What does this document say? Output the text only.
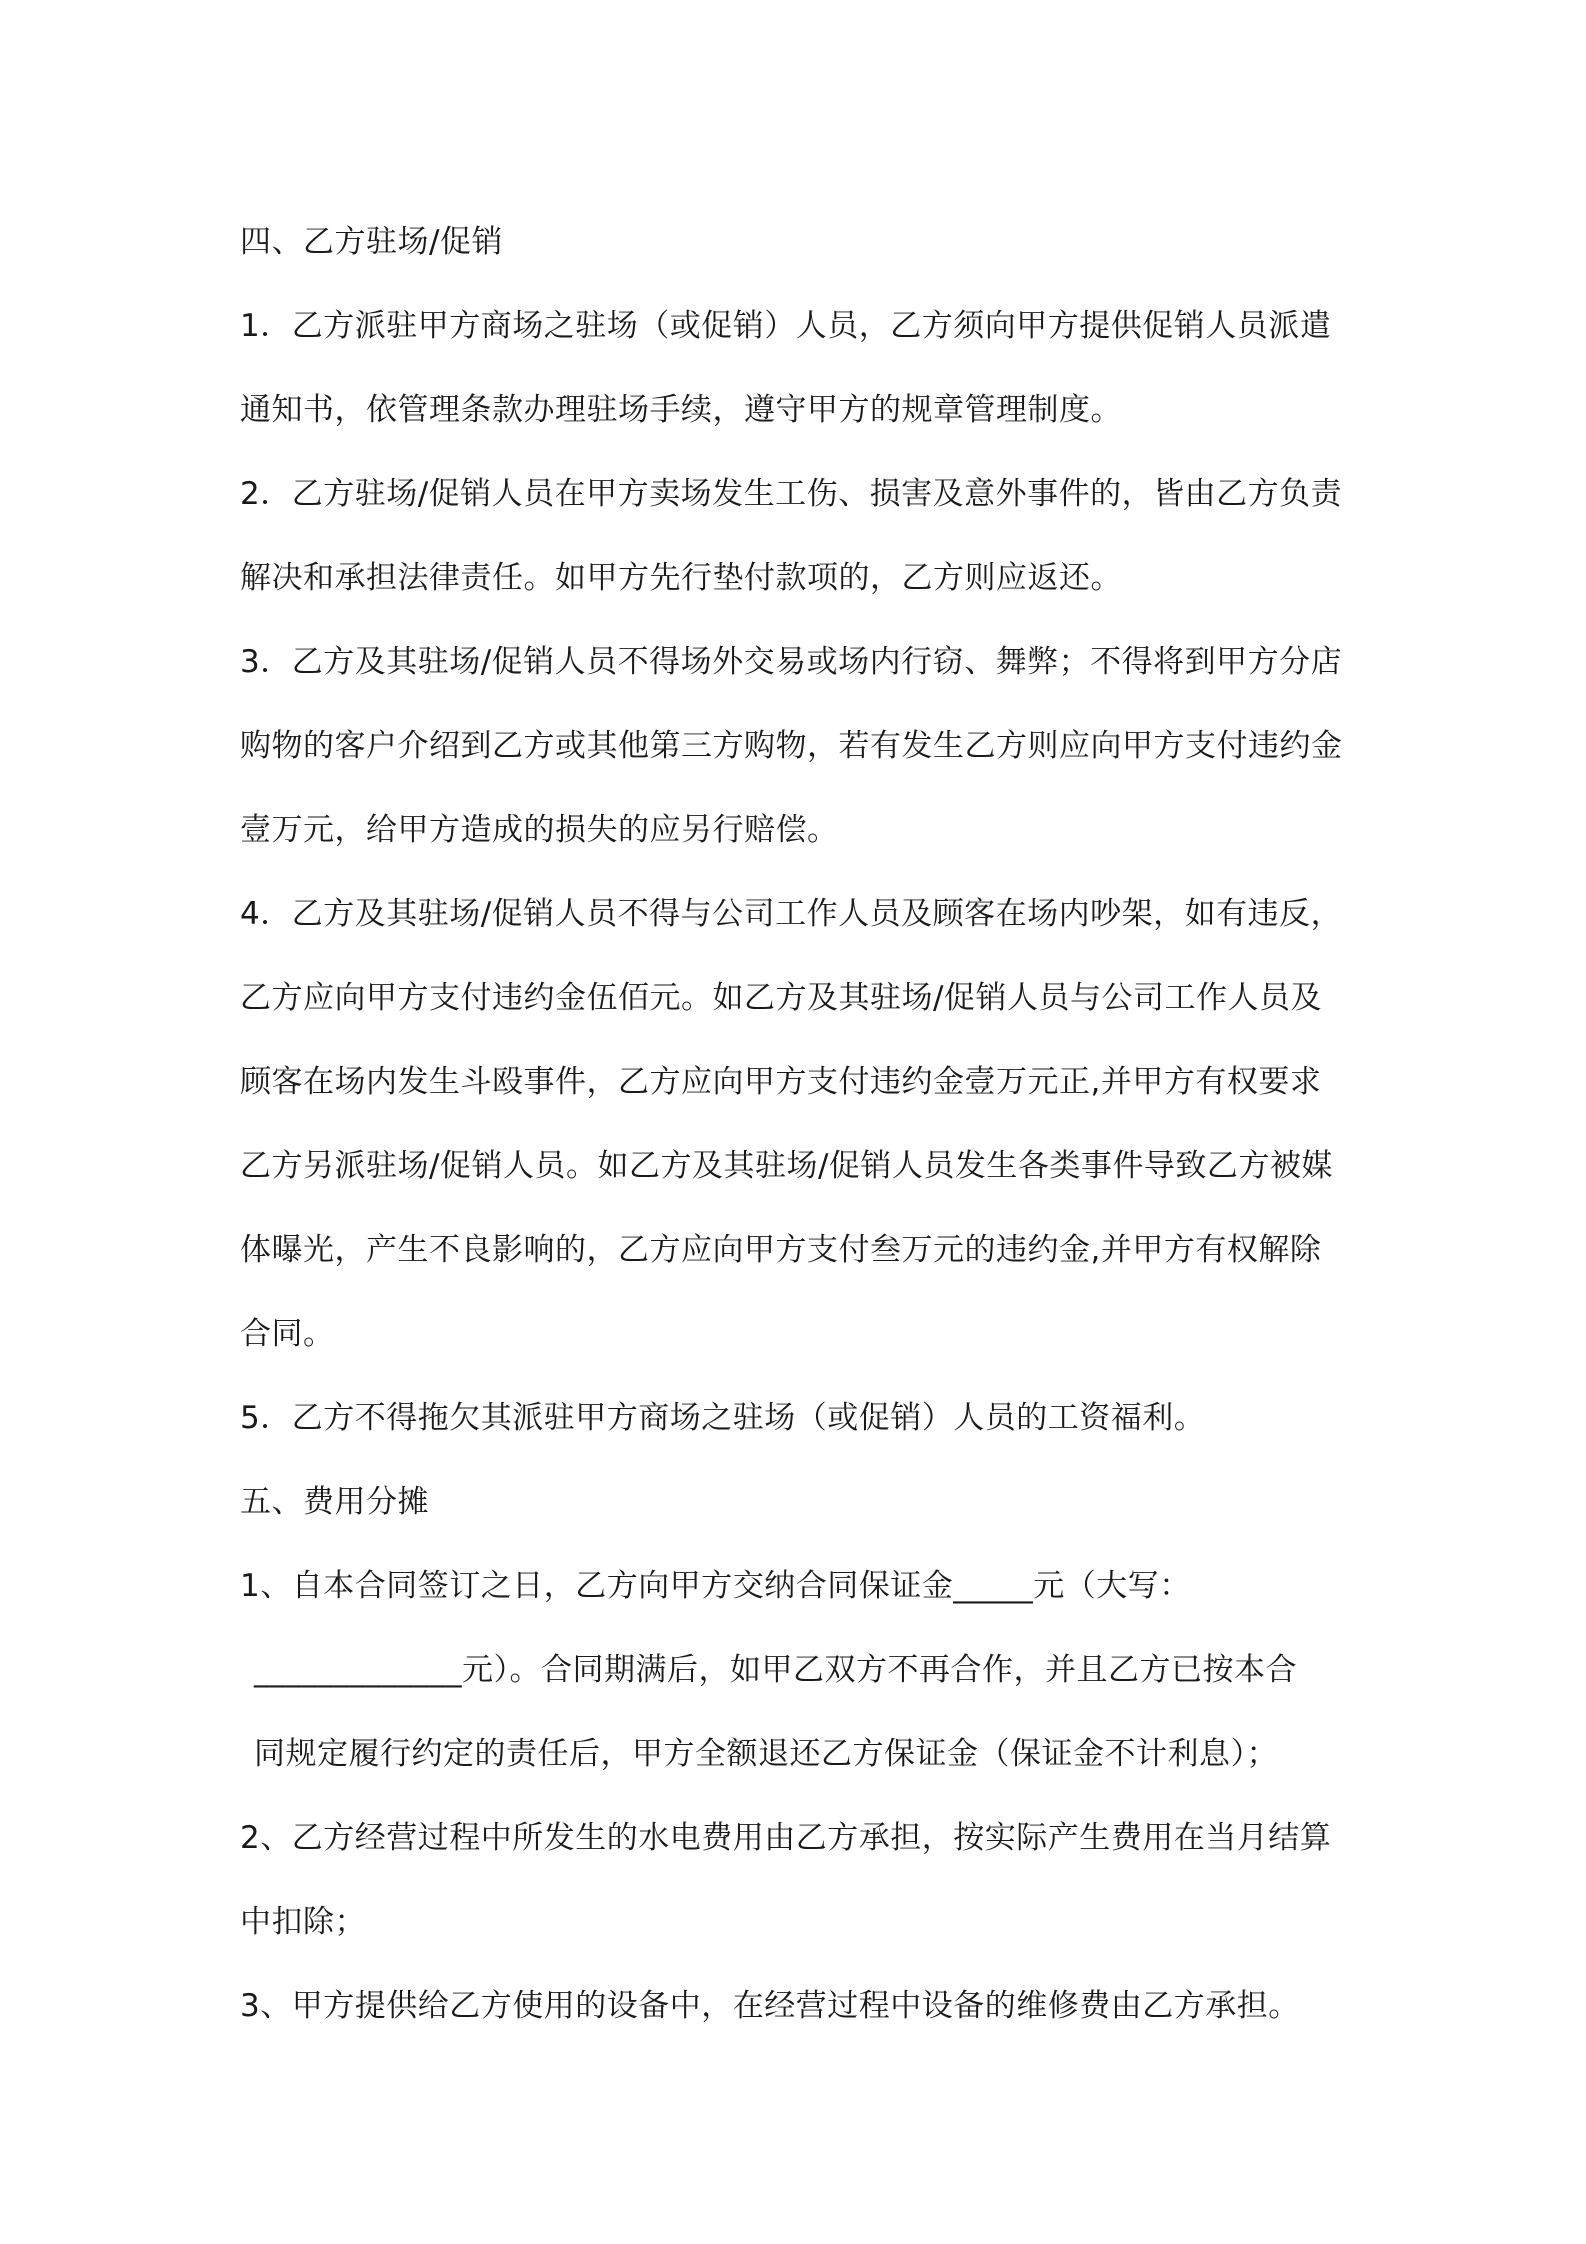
四、乙方驻场/促销
1．乙方派驻甲方商场之驻场（或促销）人员，乙方须向甲方提供促销人员派遣
通知书，依管理条款办理驻场手续，遵守甲方的规章管理制度。
2．乙方驻场/促销人员在甲方卖场发生工伤、损害及意外事件的，皆由乙方负责
解决和承担法律责任。如甲方先行垫付款项的，乙方则应返还。
3．乙方及其驻场/促销人员不得场外交易或场内行窃、舞弊；不得将到甲方分店
购物的客户介绍到乙方或其他第三方购物，若有发生乙方则应向甲方支付违约金
壹万元，给甲方造成的损失的应另行赔偿。
4．乙方及其驻场/促销人员不得与公司工作人员及顾客在场内吵架，如有违反，
乙方应向甲方支付违约金伍佰元。如乙方及其驻场/促销人员与公司工作人员及
顾客在场内发生斗殴事件，乙方应向甲方支付违约金壹万元正,并甲方有权要求
乙方另派驻场/促销人员。如乙方及其驻场/促销人员发生各类事件导致乙方被媒
体曝光，产生不良影响的，乙方应向甲方支付叁万元的违约金,并甲方有权解除
合同。
5．乙方不得拖欠其派驻甲方商场之驻场（或促销）人员的工资福利。
五、费用分摊
1、自本合同签订之日，乙方向甲方交纳合同保证金_____元（大写：
_____________元）。合同期满后，如甲乙双方不再合作，并且乙方已按本合
同规定履行约定的责任后，甲方全额退还乙方保证金（保证金不计利息）；
2、乙方经营过程中所发生的水电费用由乙方承担，按实际产生费用在当月结算
中扣除；
3、甲方提供给乙方使用的设备中，在经营过程中设备的维修费由乙方承担。
